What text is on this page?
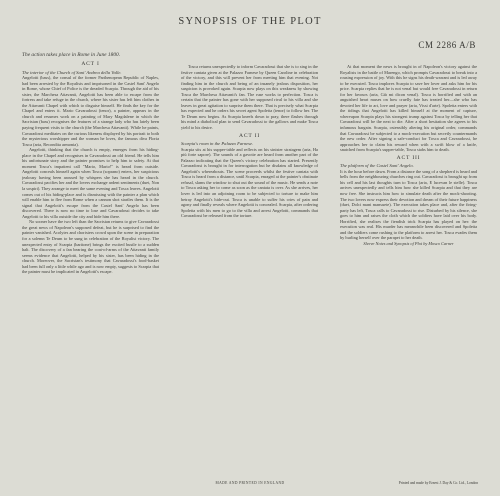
SYNOPSIS OF THE PLOT
CM 2286 A/B

The action takes place in Rome in June 1800.

ACT I

The interior of the Church of Sant' Andrea della Valle.

Angelotti (bass), the consul of the former Parthenopean Republic of Naples, had been arrested by the Royalists and imprisoned in the Castel Sant' Angelo in Rome, whose Chief of Police is the dreaded Scarpia. Through the aid of his sister, the Marchesa Attavanti, Angelotti has been able to escape from the fortress and take refuge in the church, where his sister has left him clothes in the Attavanti Chapel with which to disguise himself. He finds the key for the Chapel and enters it. Mario Cavaradossi (tenor), a painter, appears in the church and resumes work on a painting of Mary Magdalene in which the Sacristan (bass) recognises the features of a strange lady who has lately been paying frequent visits to the church (the Marchesa Attavanti). While he paints, Cavaradossi meditates on the curious likeness displayed by his portrait to both the mysterious worshipper and the woman he loves, the famous diva Floria Tosca (aria, Recondita armonia).

Angelotti, thinking that the church is empty, emerges from his hiding-place in the Chapel and recognises in Cavaradossi an old friend. He tells him his unfortunate story and the painter promises to help him to safety. At that moment Tosca's impatient call "Mario, Mario!" is heard from outside. Angelotti conceals himself again when Tosca (soprano) enters, her suspicious jealousy having been aroused by whispers she has heard in the church. Cavaradossi pacifies her and the lovers exchange ardent sentiments (duet, Non la sospiri). They arrange to meet the same evening and Tosca leaves. Angelotti comes out of his hiding-place and is dismissing with the painter a plan which will enable him to flee from Rome when a cannon shot startles them. It is the signal that Angelotti's escape from the Castel Sant' Angelo has been discovered. There is now no time to lose and Cavaradossi decides to take Angelotti to his villa outside the city and hide him there.

No sooner have the two left than the Sacristan returns to give Cavaradossi the great news of Napoleon's supposed defeat, but he is surprised to find the painter vanished. Acolytes and choristers crowd upon the scene in preparation for a solemn Te Deum to be sung in celebration of the Royalist victory. The unexpected entry of Scarpia (baritone) brings the excited bustle to a sudden halt. The discovery of a fan bearing the coat-of-arms of the Attavanti family seems evidence that Angelotti, helped by his sister, has been hiding in the church. Moreover, the Sacristan's testimony that Cavaradossi's food-basket had been full only a little while ago and is now empty, suggests to Scarpia that the painter must be implicated in Angelotti's escape.

Tosca returns unexpectedly to inform Cavaradossi that she is to sing in the festive cantata given at the Palazzo Farnese by Queen Caroline in celebration of the victory, and this will prevent her from meeting him that evening. Not finding him in the church and being of an insanely jealous disposition, her suspicion is provoked again. Scarpia now plays on this weakness by showing Tosca the Marchesa Attavanti's fan. The ruse works to perfection. Tosca is certain that the painter has gone with her supposed rival to his villa and she leaves in great agitation to surprise them there. That is precisely what Scarpia has expected and he orders his secret agent Spoletta (tenor) to follow her. The Te Deum now begins. As Scarpia kneels down to pray, there flashes through his mind a diabolical plan to send Cavaradossi to the gallows and make Tosca yield to his desire.

ACT II

Scarpia's room in the Palazzo Farnese.

Scarpia sits at his supper-table and reflects on his sinister stratagem (aria, Ha più forte sapore). The sounds of a gavotte are heard from another part of the Palazzo indicating that the Queen's victory celebration has started. Presently Cavaradossi is brought in for interrogation but he disdains all knowledge of Angelotti's whereabouts. The scene proceeds whilst the festive cantata with Tosca is heard from a distance, until Scarpia, enraged at the painter's obstinate refusal, slams the window to shut out the sound of the music. He sends a note to Tosca asking her to come as soon as the cantata is over. As she arrives, her lover is led into an adjoining room to be subjected to torture to make him betray Angelotti's hide-out. Tosca is unable to suffer his cries of pain and agony and finally reveals where Angelotti is concealed. Scarpia, after ordering Spoletta with his men to go to the villa and arrest Angelotti, commands that Cavaradossi be released from the torture.

At that moment the news is brought in of Napoleon's victory against the Royalists in the battle of Marengo, which prompts Cavaradossi to break into a rousing expression of joy. With this he signs his death-warrant and is led away to be executed. Tosca implores Scarpia to save her lover and asks him for his price. Scarpia replies that he is not venal but would free Cavaradossi in return for her favours (aria, Già mi dicon venal). Tosca is horrified and with an anguished heart muses on how cruelly fate has treated her—she who has devoted her life to art, love and prayer (aria, Vissi d'arte). Spoletta enters with the tidings that Angelotti has killed himself at the moment of capture, whereupon Scarpia plays his strongest trump against Tosca by telling her that Cavaradossi will be the next to die. After a short hesitation she agrees to his infamous bargain. Scarpia, ostensibly altering his original order, commands that Cavaradossi be subjected to a mock-execution but secretly countermands the new order. After signing a safe-conduct for Tosca and Cavaradossi, he approaches her to claim his reward when with a swift blow of a knife, snatched from Scarpia's supper-table, Tosca stabs him to death.

ACT III

The platform of the Castel Sant' Angelo.

It is the hour before dawn. From a distance the song of a shepherd is heard and bells from the neighbouring churches ring out. Cavaradossi is brought up from his cell and his last thoughts turn to Tosca (aria, E lucevan le stelle). Tosca arrives unexpectedly and tells him how she killed Scarpia and that they are now free. She instructs him how to simulate death after the mock-shooting. The two lovers now express their devotion and dream of their future happiness (duet, Dolci mani mansuete). The execution takes place and, after the firing-party has left, Tosca calls to Cavaradossi to rise. Disturbed by his silence, she goes to him and raises the cloth which the soldiers have laid over his body. Horrified, she realises the fiendish trick Scarpia has played on her: the execution was real. His murder has meanwhile been discovered and Spoletta and the soldiers come rushing to the platform to arrest her. Tosca evades them by hurling herself over the parapet to her death.

Sleeve Notes and Synopsis of Plot by Mosco Carner

MADE AND PRINTED IN ENGLAND	Printed and made by Ernest J. Day & Co. Ltd., London
